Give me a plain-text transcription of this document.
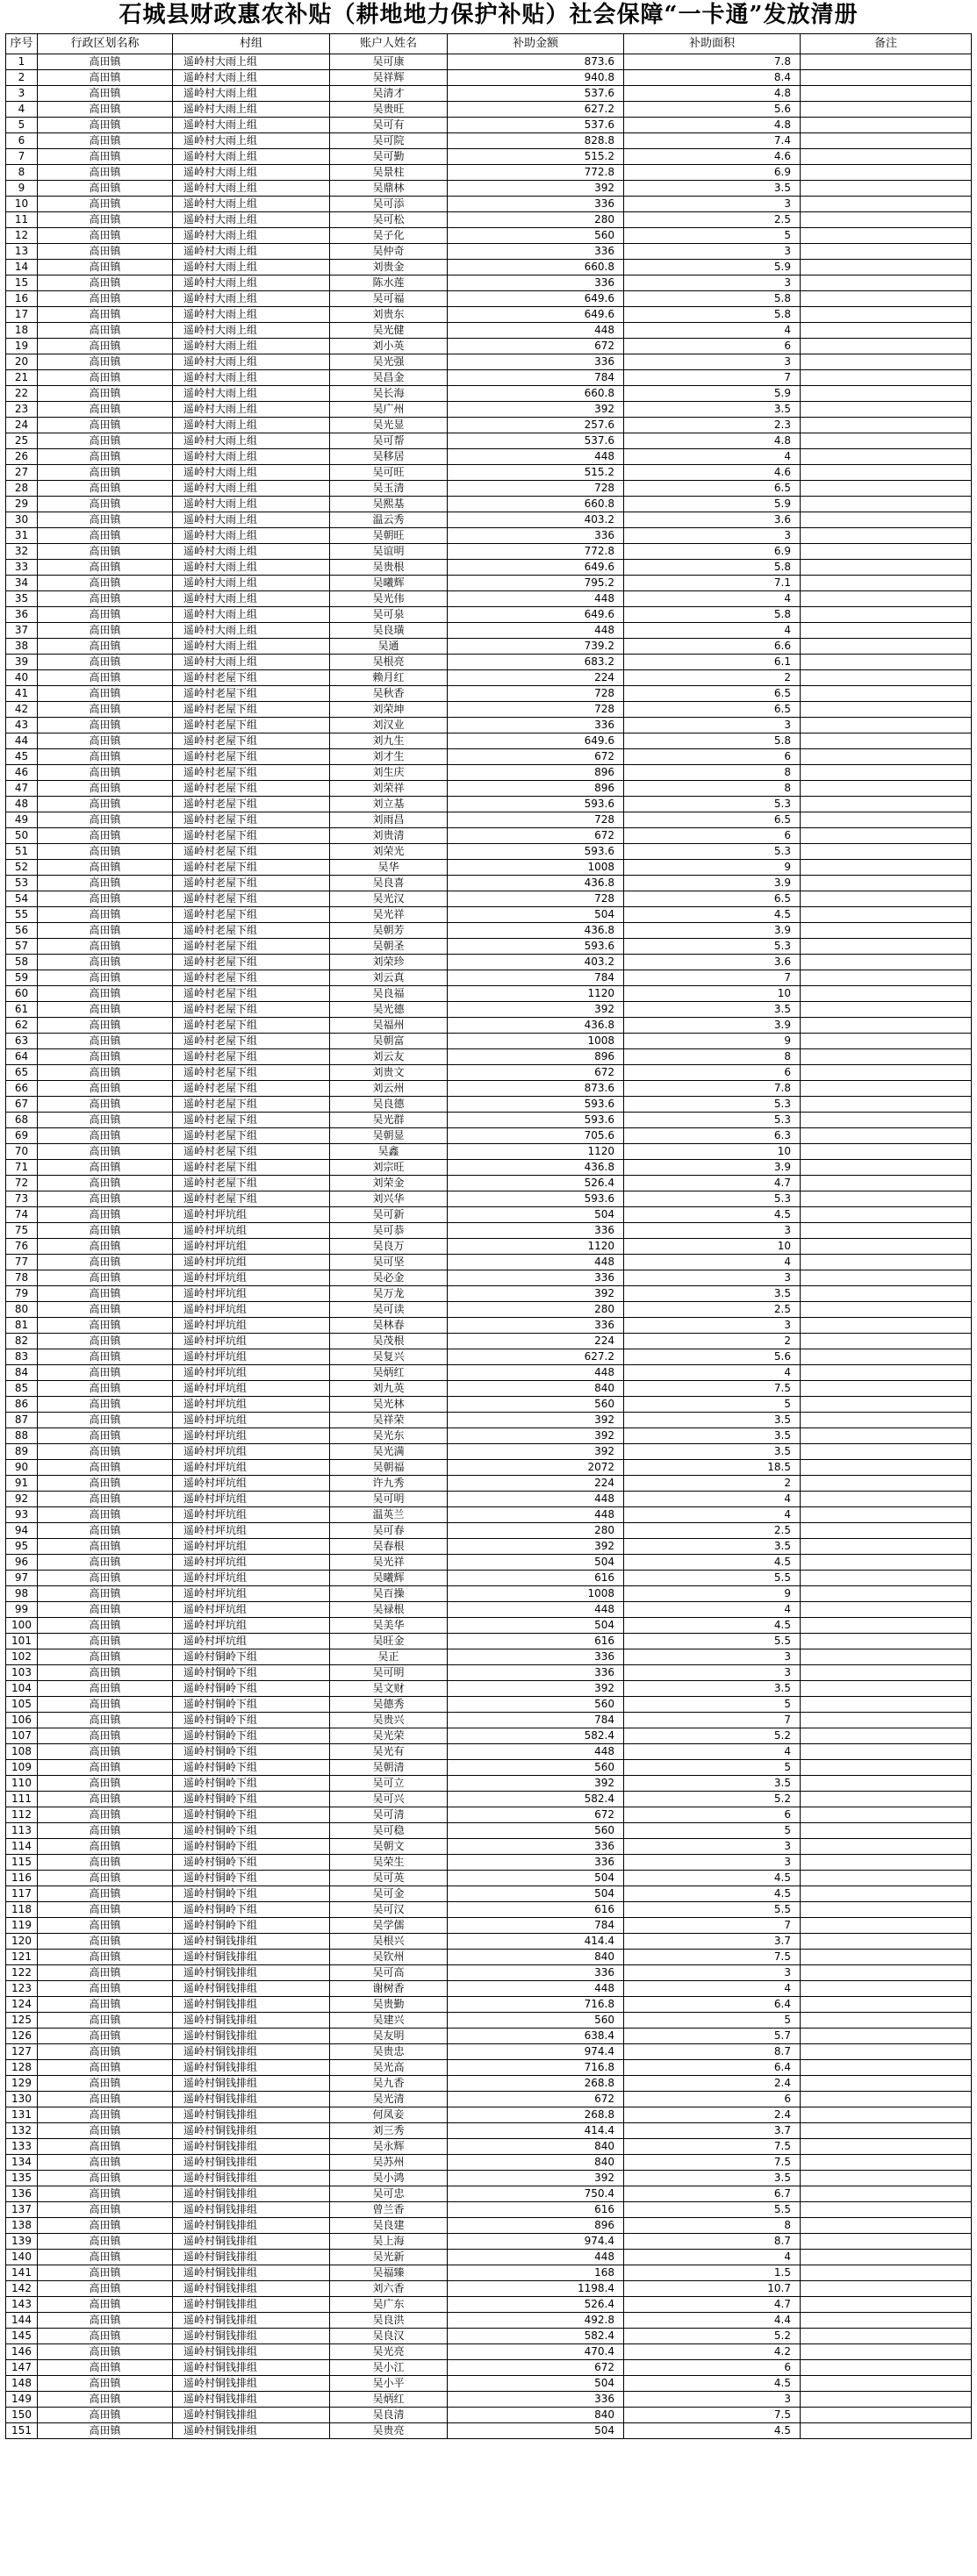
石城县财政惠农补贴（耕地地力保护补贴）社会保障“一卡通”发放清册
序号	行政区划名称	村组	账户人姓名	补助金额	补助面积	备注
1	高田镇	遥岭村大雨上组	吴可康	873.6	7.8	
2	高田镇	遥岭村大雨上组	吴祥辉	940.8	8.4	
3	高田镇	遥岭村大雨上组	吴清才	537.6	4.8	
4	高田镇	遥岭村大雨上组	吴贵旺	627.2	5.6	
5	高田镇	遥岭村大雨上组	吴可有	537.6	4.8	
6	高田镇	遥岭村大雨上组	吴可院	828.8	7.4	
7	高田镇	遥岭村大雨上组	吴可勤	515.2	4.6	
8	高田镇	遥岭村大雨上组	吴景柱	772.8	6.9	
9	高田镇	遥岭村大雨上组	吴鼎林	392	3.5	
10	高田镇	遥岭村大雨上组	吴可添	336	3	
11	高田镇	遥岭村大雨上组	吴可松	280	2.5	
12	高田镇	遥岭村大雨上组	吴子化	560	5	
13	高田镇	遥岭村大雨上组	吴仲奇	336	3	
14	高田镇	遥岭村大雨上组	刘贵金	660.8	5.9	
15	高田镇	遥岭村大雨上组	陈水莲	336	3	
16	高田镇	遥岭村大雨上组	吴可福	649.6	5.8	
17	高田镇	遥岭村大雨上组	刘贵东	649.6	5.8	
18	高田镇	遥岭村大雨上组	吴光健	448	4	
19	高田镇	遥岭村大雨上组	刘小英	672	6	
20	高田镇	遥岭村大雨上组	吴光强	336	3	
21	高田镇	遥岭村大雨上组	吴昌金	784	7	
22	高田镇	遥岭村大雨上组	吴长海	660.8	5.9	
23	高田镇	遥岭村大雨上组	吴广州	392	3.5	
24	高田镇	遥岭村大雨上组	吴光显	257.6	2.3	
25	高田镇	遥岭村大雨上组	吴可帮	537.6	4.8	
26	高田镇	遥岭村大雨上组	吴移居	448	4	
27	高田镇	遥岭村大雨上组	吴可旺	515.2	4.6	
28	高田镇	遥岭村大雨上组	吴玉清	728	6.5	
29	高田镇	遥岭村大雨上组	吴熙基	660.8	5.9	
30	高田镇	遥岭村大雨上组	温云秀	403.2	3.6	
31	高田镇	遥岭村大雨上组	吴朝旺	336	3	
32	高田镇	遥岭村大雨上组	吴谊明	772.8	6.9	
33	高田镇	遥岭村大雨上组	吴贵根	649.6	5.8	
34	高田镇	遥岭村大雨上组	吴曦辉	795.2	7.1	
35	高田镇	遥岭村大雨上组	吴光伟	448	4	
36	高田镇	遥岭村大雨上组	吴可泉	649.6	5.8	
37	高田镇	遥岭村大雨上组	吴良璜	448	4	
38	高田镇	遥岭村大雨上组	吴通	739.2	6.6	
39	高田镇	遥岭村大雨上组	吴根亮	683.2	6.1	
40	高田镇	遥岭村老屋下组	赖月红	224	2	
41	高田镇	遥岭村老屋下组	吴秋香	728	6.5	
42	高田镇	遥岭村老屋下组	刘荣坤	728	6.5	
43	高田镇	遥岭村老屋下组	刘汉业	336	3	
44	高田镇	遥岭村老屋下组	刘九生	649.6	5.8	
45	高田镇	遥岭村老屋下组	刘才生	672	6	
46	高田镇	遥岭村老屋下组	刘生庆	896	8	
47	高田镇	遥岭村老屋下组	刘荣祥	896	8	
48	高田镇	遥岭村老屋下组	刘立基	593.6	5.3	
49	高田镇	遥岭村老屋下组	刘雨昌	728	6.5	
50	高田镇	遥岭村老屋下组	刘贵清	672	6	
51	高田镇	遥岭村老屋下组	刘荣光	593.6	5.3	
52	高田镇	遥岭村老屋下组	吴华	1008	9	
53	高田镇	遥岭村老屋下组	吴良喜	436.8	3.9	
54	高田镇	遥岭村老屋下组	吴光汉	728	6.5	
55	高田镇	遥岭村老屋下组	吴光祥	504	4.5	
56	高田镇	遥岭村老屋下组	吴朝芳	436.8	3.9	
57	高田镇	遥岭村老屋下组	吴朝圣	593.6	5.3	
58	高田镇	遥岭村老屋下组	刘荣珍	403.2	3.6	
59	高田镇	遥岭村老屋下组	刘云真	784	7	
60	高田镇	遥岭村老屋下组	吴良福	1120	10	
61	高田镇	遥岭村老屋下组	吴光德	392	3.5	
62	高田镇	遥岭村老屋下组	吴福州	436.8	3.9	
63	高田镇	遥岭村老屋下组	吴朝富	1008	9	
64	高田镇	遥岭村老屋下组	刘云友	896	8	
65	高田镇	遥岭村老屋下组	刘贵文	672	6	
66	高田镇	遥岭村老屋下组	刘云州	873.6	7.8	
67	高田镇	遥岭村老屋下组	吴良德	593.6	5.3	
68	高田镇	遥岭村老屋下组	吴光群	593.6	5.3	
69	高田镇	遥岭村老屋下组	吴朝显	705.6	6.3	
70	高田镇	遥岭村老屋下组	吴鑫	1120	10	
71	高田镇	遥岭村老屋下组	刘宗旺	436.8	3.9	
72	高田镇	遥岭村老屋下组	刘荣金	526.4	4.7	
73	高田镇	遥岭村老屋下组	刘兴华	593.6	5.3	
74	高田镇	遥岭村坪坑组	吴可新	504	4.5	
75	高田镇	遥岭村坪坑组	吴可恭	336	3	
76	高田镇	遥岭村坪坑组	吴良万	1120	10	
77	高田镇	遥岭村坪坑组	吴可坚	448	4	
78	高田镇	遥岭村坪坑组	吴必金	336	3	
79	高田镇	遥岭村坪坑组	吴万龙	392	3.5	
80	高田镇	遥岭村坪坑组	吴可读	280	2.5	
81	高田镇	遥岭村坪坑组	吴林春	336	3	
82	高田镇	遥岭村坪坑组	吴茂根	224	2	
83	高田镇	遥岭村坪坑组	吴复兴	627.2	5.6	
84	高田镇	遥岭村坪坑组	吴炳红	448	4	
85	高田镇	遥岭村坪坑组	刘九英	840	7.5	
86	高田镇	遥岭村坪坑组	吴光林	560	5	
87	高田镇	遥岭村坪坑组	吴祥荣	392	3.5	
88	高田镇	遥岭村坪坑组	吴光东	392	3.5	
89	高田镇	遥岭村坪坑组	吴光满	392	3.5	
90	高田镇	遥岭村坪坑组	吴朝福	2072	18.5	
91	高田镇	遥岭村坪坑组	许九秀	224	2	
92	高田镇	遥岭村坪坑组	吴可明	448	4	
93	高田镇	遥岭村坪坑组	温英兰	448	4	
94	高田镇	遥岭村坪坑组	吴可春	280	2.5	
95	高田镇	遥岭村坪坑组	吴春根	392	3.5	
96	高田镇	遥岭村坪坑组	吴光祥	504	4.5	
97	高田镇	遥岭村坪坑组	吴曦辉	616	5.5	
98	高田镇	遥岭村坪坑组	吴百操	1008	9	
99	高田镇	遥岭村坪坑组	吴禄根	448	4	
100	高田镇	遥岭村坪坑组	吴美华	504	4.5	
101	高田镇	遥岭村坪坑组	吴旺金	616	5.5	
102	高田镇	遥岭村铜岭下组	吴正	336	3	
103	高田镇	遥岭村铜岭下组	吴可明	336	3	
104	高田镇	遥岭村铜岭下组	吴文财	392	3.5	
105	高田镇	遥岭村铜岭下组	吴德秀	560	5	
106	高田镇	遥岭村铜岭下组	吴贵兴	784	7	
107	高田镇	遥岭村铜岭下组	吴光荣	582.4	5.2	
108	高田镇	遥岭村铜岭下组	吴光有	448	4	
109	高田镇	遥岭村铜岭下组	吴朝清	560	5	
110	高田镇	遥岭村铜岭下组	吴可立	392	3.5	
111	高田镇	遥岭村铜岭下组	吴可兴	582.4	5.2	
112	高田镇	遥岭村铜岭下组	吴可清	672	6	
113	高田镇	遥岭村铜岭下组	吴可稳	560	5	
114	高田镇	遥岭村铜岭下组	吴朝文	336	3	
115	高田镇	遥岭村铜岭下组	吴荣生	336	3	
116	高田镇	遥岭村铜岭下组	吴可英	504	4.5	
117	高田镇	遥岭村铜岭下组	吴可金	504	4.5	
118	高田镇	遥岭村铜岭下组	吴可汉	616	5.5	
119	高田镇	遥岭村铜岭下组	吴学儒	784	7	
120	高田镇	遥岭村铜钱排组	吴根兴	414.4	3.7	
121	高田镇	遥岭村铜钱排组	吴钦州	840	7.5	
122	高田镇	遥岭村铜钱排组	吴可高	336	3	
123	高田镇	遥岭村铜钱排组	谢树香	448	4	
124	高田镇	遥岭村铜钱排组	吴贵勤	716.8	6.4	
125	高田镇	遥岭村铜钱排组	吴建兴	560	5	
126	高田镇	遥岭村铜钱排组	吴友明	638.4	5.7	
127	高田镇	遥岭村铜钱排组	吴贵忠	974.4	8.7	
128	高田镇	遥岭村铜钱排组	吴光高	716.8	6.4	
129	高田镇	遥岭村铜钱排组	吴九香	268.8	2.4	
130	高田镇	遥岭村铜钱排组	吴光清	672	6	
131	高田镇	遥岭村铜钱排组	何凤妾	268.8	2.4	
132	高田镇	遥岭村铜钱排组	刘三秀	414.4	3.7	
133	高田镇	遥岭村铜钱排组	吴永辉	840	7.5	
134	高田镇	遥岭村铜钱排组	吴苏州	840	7.5	
135	高田镇	遥岭村铜钱排组	吴小鸿	392	3.5	
136	高田镇	遥岭村铜钱排组	吴可忠	750.4	6.7	
137	高田镇	遥岭村铜钱排组	曾兰香	616	5.5	
138	高田镇	遥岭村铜钱排组	吴良建	896	8	
139	高田镇	遥岭村铜钱排组	吴上海	974.4	8.7	
140	高田镇	遥岭村铜钱排组	吴光新	448	4	
141	高田镇	遥岭村铜钱排组	吴福臻	168	1.5	
142	高田镇	遥岭村铜钱排组	刘六香	1198.4	10.7	
143	高田镇	遥岭村铜钱排组	吴广东	526.4	4.7	
144	高田镇	遥岭村铜钱排组	吴良洪	492.8	4.4	
145	高田镇	遥岭村铜钱排组	吴良汉	582.4	5.2	
146	高田镇	遥岭村铜钱排组	吴光亮	470.4	4.2	
147	高田镇	遥岭村铜钱排组	吴小江	672	6	
148	高田镇	遥岭村铜钱排组	吴小平	504	4.5	
149	高田镇	遥岭村铜钱排组	吴炳红	336	3	
150	高田镇	遥岭村铜钱排组	吴良清	840	7.5	
151	高田镇	遥岭村铜钱排组	吴贵亮	504	4.5	
